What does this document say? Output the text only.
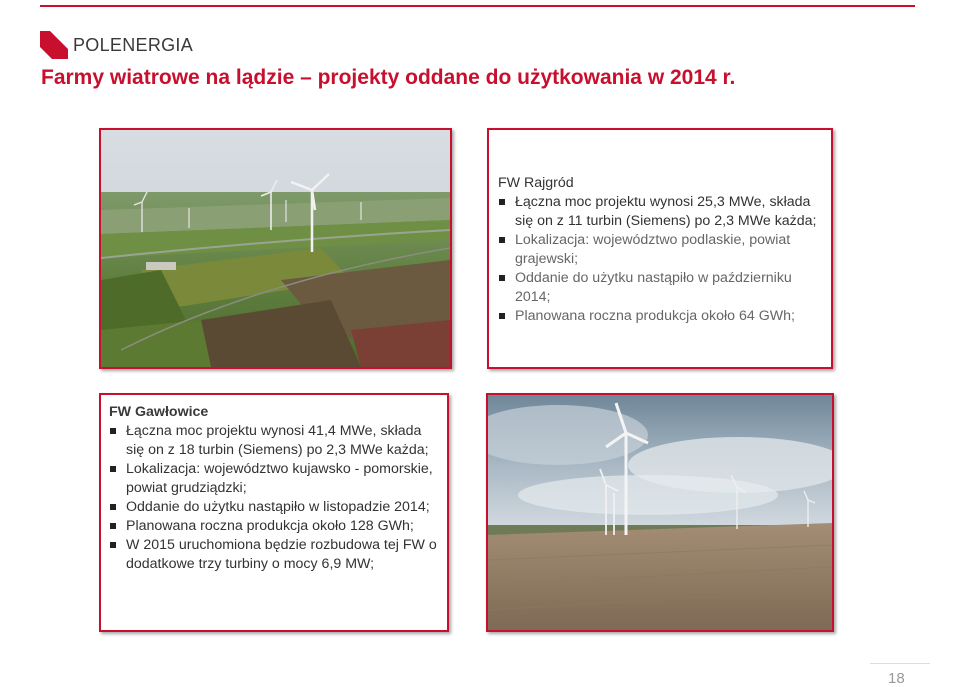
POLENERGIA
Farmy wiatrowe na lądzie – projekty oddane do użytkowania w 2014 r.
FW Rajgród
Łączna moc projektu wynosi 25,3 MWe, składa się on z 11 turbin (Siemens) po 2,3 MWe każda;
Lokalizacja: województwo podlaskie, powiat grajewski;
Oddanie do użytku nastąpiło w październiku 2014;
Planowana roczna produkcja około 64 GWh;
FW Gawłowice
Łączna moc projektu wynosi 41,4 MWe, składa się on z 18 turbin (Siemens) po 2,3 MWe każda;
Lokalizacja: województwo kujawsko - pomorskie, powiat grudziądzki;
Oddanie do użytku nastąpiło w listopadzie 2014;
Planowana roczna produkcja około 128 GWh;
W 2015 uruchomiona będzie rozbudowa tej FW o dodatkowe trzy turbiny o mocy 6,9 MW;
18
